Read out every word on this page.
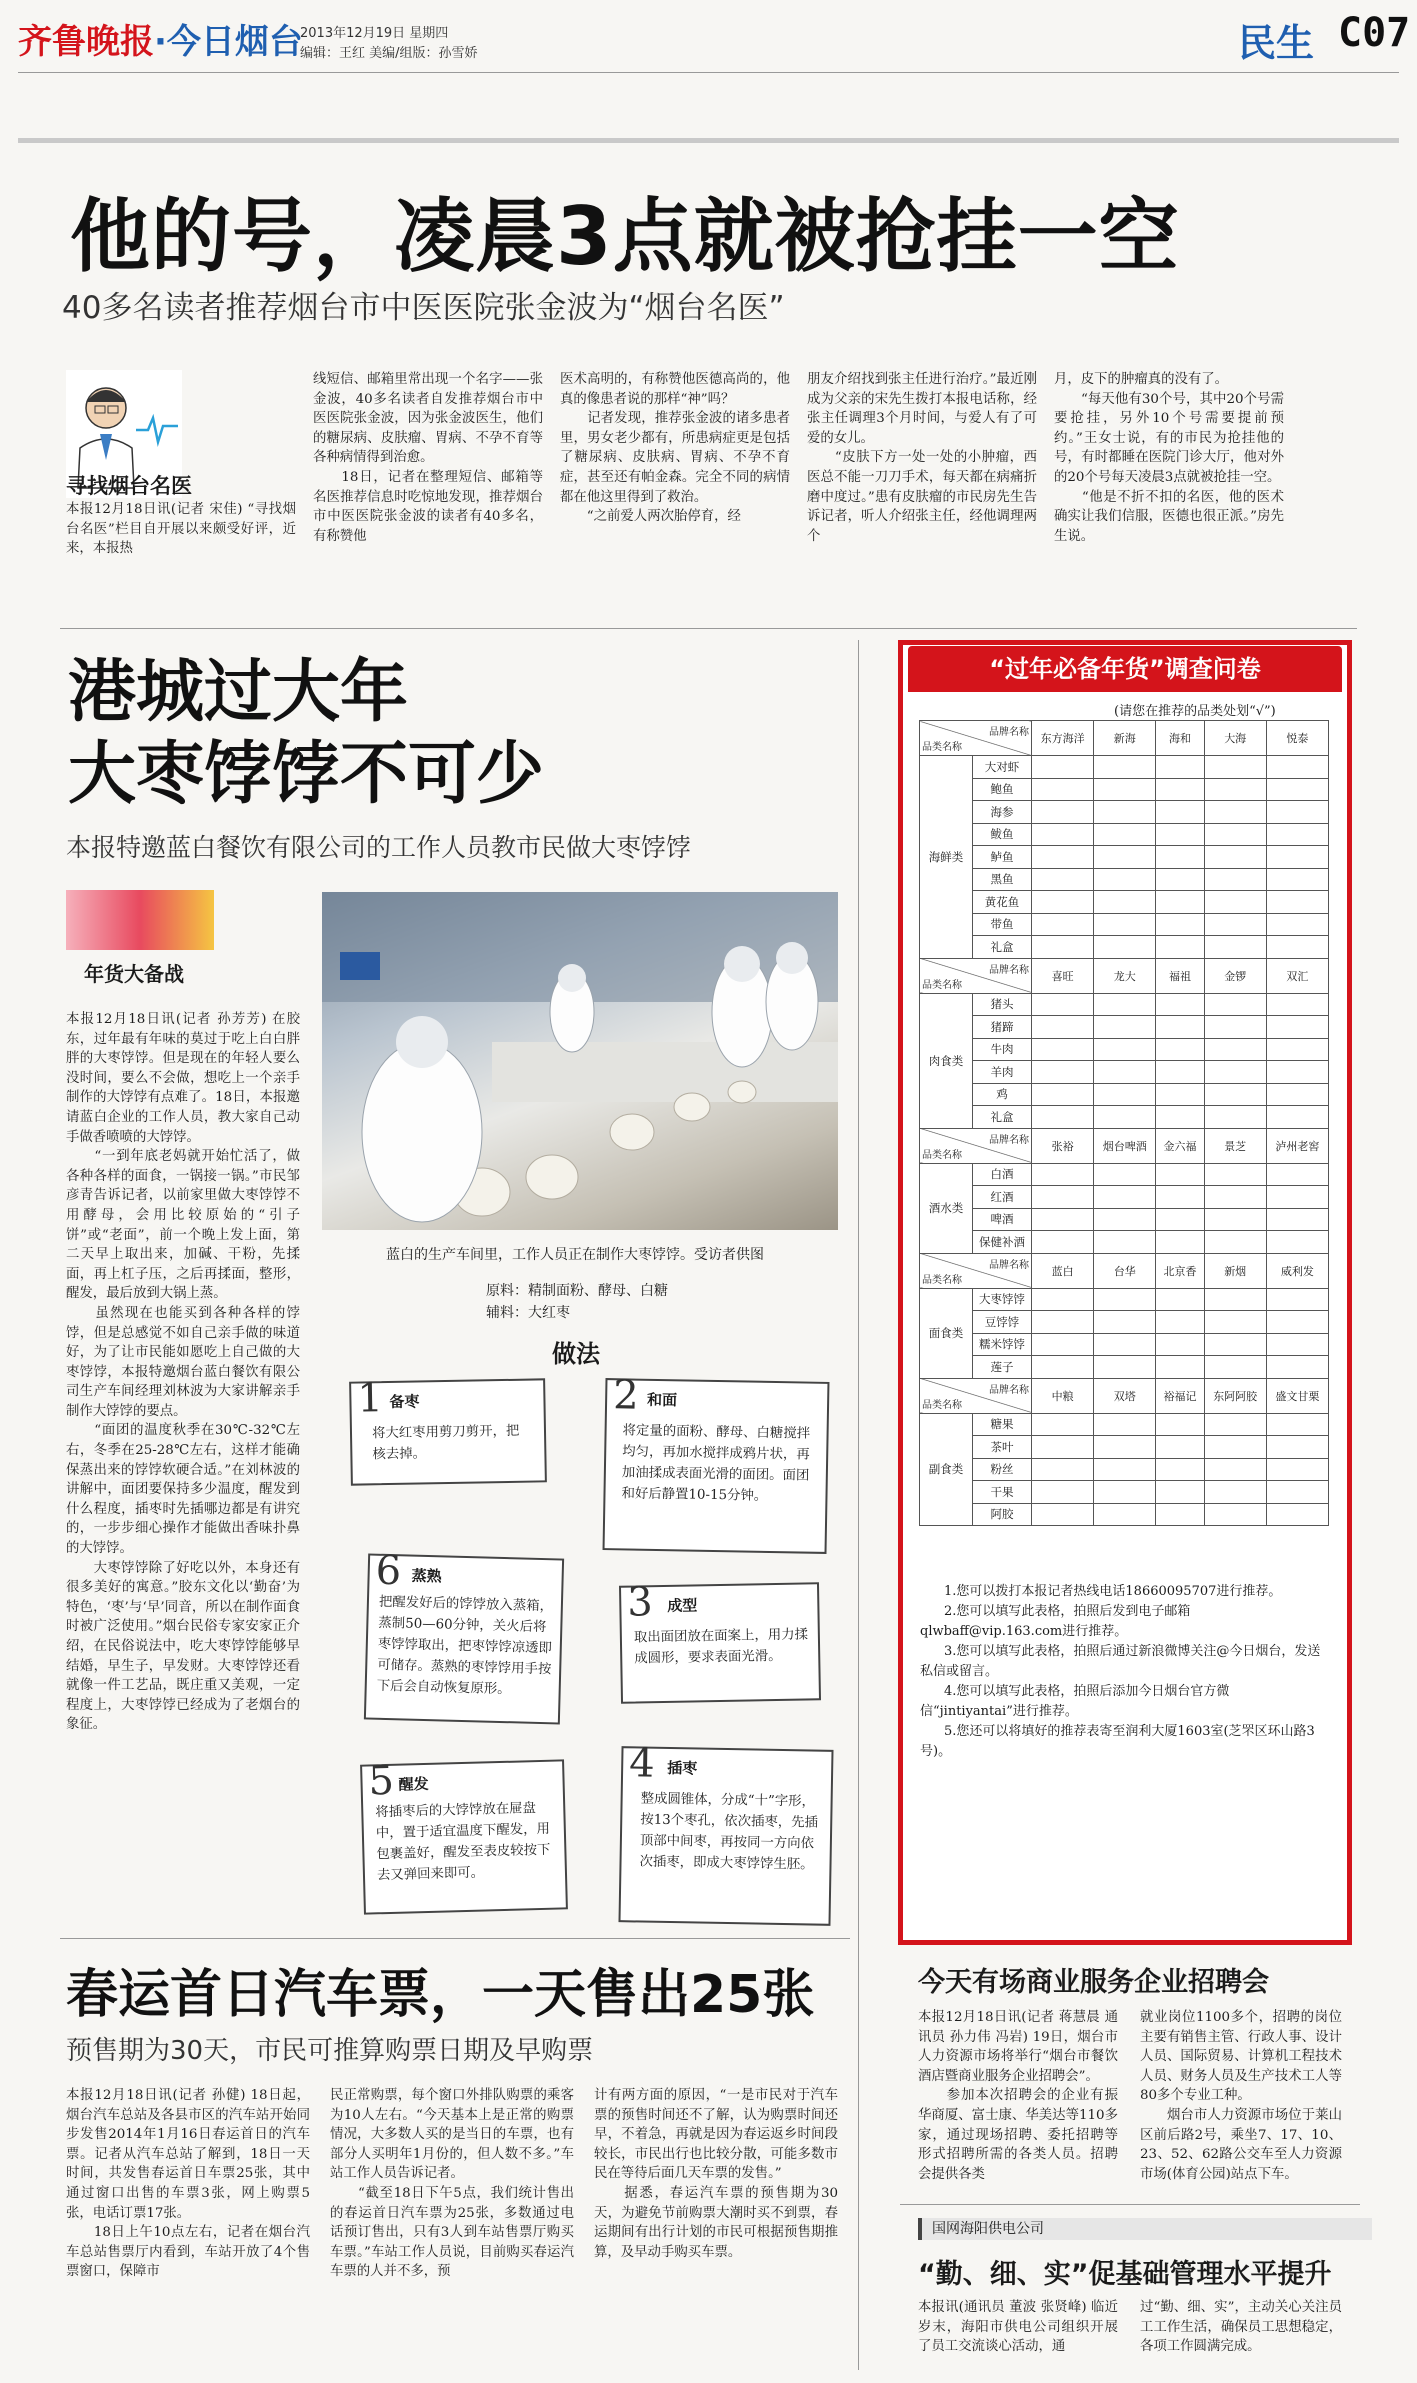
齐鲁晚报·今日烟台
2013年12月19日 星期四
编辑：王红 美编/组版：孙雪娇	民生 C07
他的号，凌晨3点就被抢挂一空
40多名读者推荐烟台市中医医院张金波为“烟台名医”
寻找烟台名医
本报12月18日讯(记者 宋佳) “寻找烟台名医”栏目自开展以来颇受好评，近来，本报热
线短信、邮箱里常出现一个名字——张金波，40多名读者自发推荐烟台市中医医院张金波，因为张金波医生，他们的糖尿病、皮肤瘤、胃病、不孕不育等各种病情得到治愈。
　　18日，记者在整理短信、邮箱等名医推荐信息时吃惊地发现，推荐烟台市中医医院张金波的读者有40多名，有称赞他
医术高明的，有称赞他医德高尚的，他真的像患者说的那样“神”吗？
　　记者发现，推荐张金波的诸多患者里，男女老少都有，所患病症更是包括了糖尿病、皮肤病、胃病、不孕不育症，甚至还有帕金森。完全不同的病情都在他这里得到了救治。
　　“之前爱人两次胎停育，经
朋友介绍找到张主任进行治疗。”最近刚成为父亲的宋先生拨打本报电话称，经张主任调理3个月时间，与爱人有了可爱的女儿。
　　“皮肤下方一处一处的小肿瘤，西医总不能一刀刀手术，每天都在病痛折磨中度过。”患有皮肤瘤的市民房先生告诉记者，听人介绍张主任，经他调理两个
月，皮下的肿瘤真的没有了。
　　“每天他有30个号，其中20个号需要抢挂，另外10个号需要提前预约。”王女士说，有的市民为抢挂他的号，有时都睡在医院门诊大厅，他对外的20个号每天凌晨3点就被抢挂一空。
　　“他是不折不扣的名医，他的医术确实让我们信服，医德也很正派。”房先生说。
港城过大年
大枣饽饽不可少
本报特邀蓝白餐饮有限公司的工作人员教市民做大枣饽饽
年货大备战
本报12月18日讯(记者 孙芳芳) 在胶东，过年最有年味的莫过于吃上白白胖胖的大枣饽饽。但是现在的年轻人要么没时间，要么不会做，想吃上一个亲手制作的大饽饽有点难了。18日，本报邀请蓝白企业的工作人员，教大家自己动手做香喷喷的大饽饽。
　　“一到年底老妈就开始忙活了，做各种各样的面食，一锅接一锅。”市民邹彦青告诉记者，以前家里做大枣饽饽不用酵母，会用比较原始的“引子饼”或“老面”，前一个晚上发上面，第二天早上取出来，加碱、干粉，先揉面，再上杠子压，之后再揉面，整形，醒发，最后放到大锅上蒸。
　　虽然现在也能买到各种各样的饽饽，但是总感觉不如自己亲手做的味道好，为了让市民能如愿吃上自己做的大枣饽饽，本报特邀烟台蓝白餐饮有限公司生产车间经理刘林波为大家讲解亲手制作大饽饽的要点。
　　“面团的温度秋季在30℃-32℃左右，冬季在25-28℃左右，这样才能确保蒸出来的饽饽软硬合适。”在刘林波的讲解中，面团要保持多少温度，醒发到什么程度，插枣时先插哪边都是有讲究的，一步步细心操作才能做出香味扑鼻的大饽饽。
　　大枣饽饽除了好吃以外，本身还有很多美好的寓意。”胶东文化以‘勤奋’为特色，‘枣’与‘早’同音，所以在制作面食时被广泛使用。”烟台民俗专家安家正介绍，在民俗说法中，吃大枣饽饽能够早结婚，早生子，早发财。大枣饽饽还看就像一件工艺品，既庄重又美观，一定程度上，大枣饽饽已经成为了老烟台的象征。
蓝白的生产车间里，工作人员正在制作大枣饽饽。受访者供图
原料：精制面粉、酵母、白糖
辅料：大红枣
做法
1 备枣
将大红枣用剪刀剪开，把核去掉。
2 和面
将定量的面粉、酵母、白糖搅拌均匀，再加水搅拌成鸦片状，再加油揉成表面光滑的面团。面团和好后静置10-15分钟。
6 蒸熟
把醒发好后的饽饽放入蒸箱，蒸制50—60分钟，关火后将枣饽饽取出，把枣饽饽凉透即可储存。蒸熟的枣饽饽用手按下后会自动恢复原形。
3 成型
取出面团放在面案上，用力揉成圆形，要求表面光滑。
5 醒发
将插枣后的大饽饽放在屉盘中，置于适宜温度下醒发，用包裹盖好，醒发至表皮较按下去又弹回来即可。
4 插枣
整成圆锥体，分成“十”字形，按13个枣孔，依次插枣，先插顶部中间枣，再按同一方向依次插枣，即成大枣饽饽生胚。
“过年必备年货”调查问卷
(请您在推荐的品类处划“√”)
品牌名称
品类名称		东方海洋	新海	海和	大海	悦泰
海鲜类	大对虾					
	鲍鱼					
	海参					
	鲅鱼					
	鲈鱼					
	黑鱼					
	黄花鱼					
	带鱼					
	礼盒					

品牌名称
品类名称		喜旺	龙大	福祖	金锣	双汇
肉食类	猪头					
	猪蹄					
	牛肉					
	羊肉					
	鸡					
	礼盒					

品牌名称
品类名称		张裕	烟台啤酒	金六福	景芝	泸州老窖
酒水类	白酒					
	红酒					
	啤酒					
	保健补酒					

品牌名称
品类名称		蓝白	台华	北京香	新烟	威利发
面食类	大枣饽饽					
	豆饽饽					
	糯米饽饽					
	莲子					

品牌名称
品类名称		中粮	双塔	裕福记	东阿阿胶	盛文甘栗
副食类	糖果					
	茶叶					
	粉丝					
	干果					
	阿胶					
1.您可以拨打本报记者热线电话18660095707进行推荐。
2.您可以填写此表格，拍照后发到电子邮箱qlwbaff@vip.163.com进行推荐。
3.您可以填写此表格，拍照后通过新浪微博关注@今日烟台，发送私信或留言。
4.您可以填写此表格，拍照后添加今日烟台官方微信“jintiyantai”进行推荐。
5.您还可以将填好的推荐表寄至润利大厦1603室(芝罘区环山路3号)。
今天有场商业服务企业招聘会
本报12月18日讯(记者 蒋慧晨 通讯员 孙力伟 冯岩) 19日，烟台市人力资源市场将举行“烟台市餐饮酒店暨商业服务企业招聘会”。
　　参加本次招聘会的企业有振华商厦、富士康、华美达等110多家，通过现场招聘、委托招聘等形式招聘所需的各类人员。招聘会提供各类
就业岗位1100多个，招聘的岗位主要有销售主管、行政人事、设计人员、国际贸易、计算机工程技术人员、财务人员及生产技术工人等80多个专业工种。
　　烟台市人力资源市场位于莱山区前后路2号，乘坐7、17、10、23、52、62路公交车至人力资源市场(体育公园)站点下车。
春运首日汽车票，一天售出25张
预售期为30天，市民可推算购票日期及早购票
本报12月18日讯(记者 孙健) 18日起，烟台汽车总站及各县市区的汽车站开始同步发售2014年1月16日春运首日的汽车票。记者从汽车总站了解到，18日一天时间，共发售春运首日车票25张，其中通过窗口出售的车票3张，网上购票5张，电话订票17张。
　　18日上午10点左右，记者在烟台汽车总站售票厅内看到，车站开放了4个售票窗口，保障市
民正常购票，每个窗口外排队购票的乘客为10人左右。“今天基本上是正常的购票情况，大多数人买的是当日的车票，也有部分人买明年1月份的，但人数不多。”车站工作人员告诉记者。
　　“截至18日下午5点，我们统计售出的春运首日汽车票为25张，多数通过电话预订售出，只有3人到车站售票厅购买车票。”车站工作人员说，目前购买春运汽车票的人并不多，预
计有两方面的原因，“一是市民对于汽车票的预售时间还不了解，认为购票时间还早，不着急，再就是因为春运返乡时间段较长，市民出行也比较分散，可能多数市民在等待后面几天车票的发售。”
　　据悉，春运汽车票的预售期为30天，为避免节前购票大潮时买不到票，春运期间有出行计划的市民可根据预售期推算，及早动手购买车票。
国网海阳供电公司
“勤、细、实”促基础管理水平提升
本报讯(通讯员 董波 张贤峰) 临近岁末，海阳市供电公司组织开展了员工交流谈心活动，通
过“勤、细、实”，主动关心关注员工工作生活，确保员工思想稳定，各项工作圆满完成。
